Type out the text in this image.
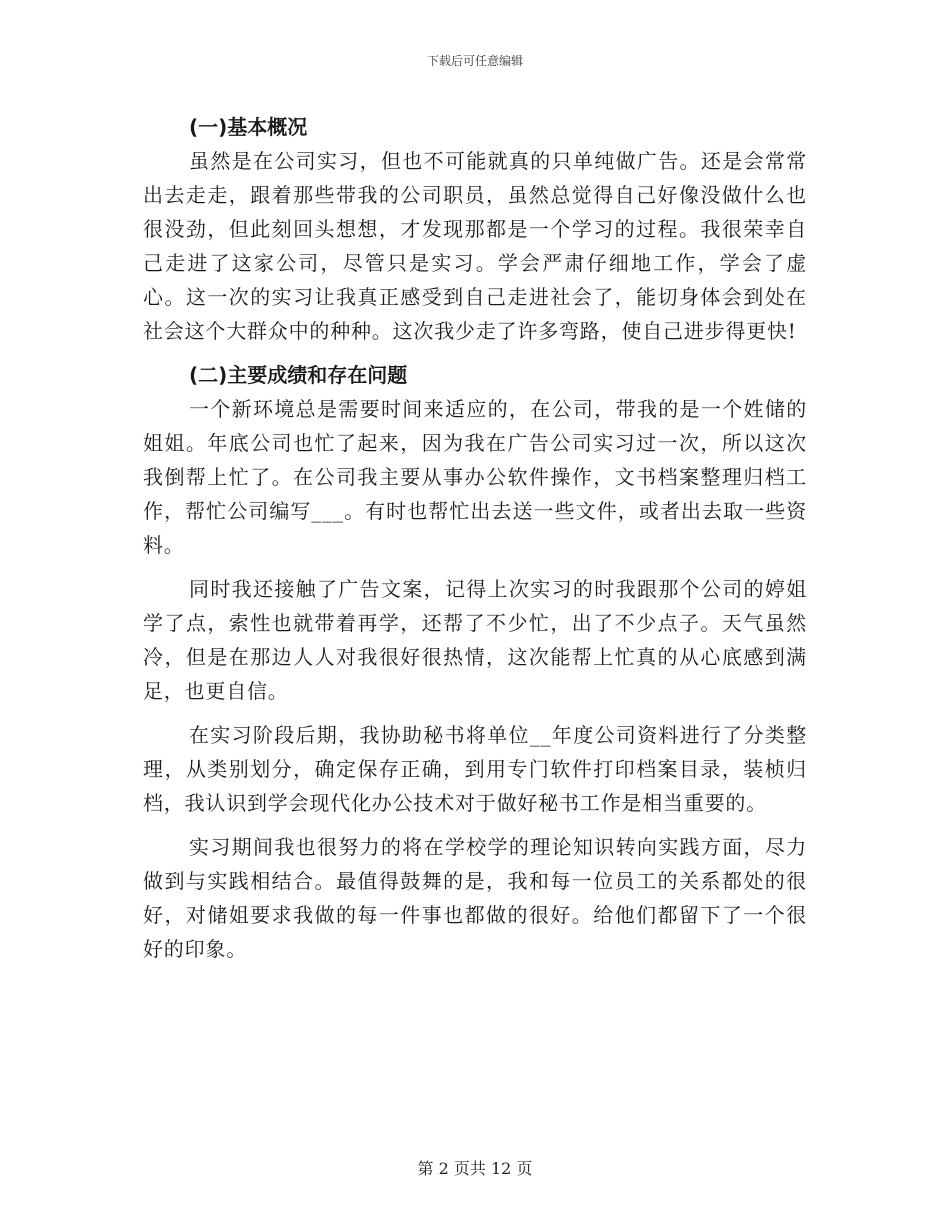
下载后可任意编辑

(一)基本概况

虽然是在公司实习，但也不可能就真的只单纯做广告。还是会常常出去走走，跟着那些带我的公司职员，虽然总觉得自己好像没做什么也很没劲，但此刻回头想想，才发现那都是一个学习的过程。我很荣幸自己走进了这家公司，尽管只是实习。学会严肃仔细地工作，学会了虚心。这一次的实习让我真正感受到自己走进社会了，能切身体会到处在社会这个大群众中的种种。这次我少走了许多弯路，使自己进步得更快!

(二)主要成绩和存在问题

一个新环境总是需要时间来适应的，在公司，带我的是一个姓储的姐姐。年底公司也忙了起来，因为我在广告公司实习过一次，所以这次我倒帮上忙了。在公司我主要从事办公软件操作，文书档案整理归档工作，帮忙公司编写___。有时也帮忙出去送一些文件，或者出去取一些资料。

同时我还接触了广告文案，记得上次实习的时我跟那个公司的婷姐学了点，索性也就带着再学，还帮了不少忙，出了不少点子。天气虽然冷，但是在那边人人对我很好很热情，这次能帮上忙真的从心底感到满足，也更自信。

在实习阶段后期，我协助秘书将单位__年度公司资料进行了分类整理，从类别划分，确定保存正确，到用专门软件打印档案目录，装桢归档，我认识到学会现代化办公技术对于做好秘书工作是相当重要的。

实习期间我也很努力的将在学校学的理论知识转向实践方面，尽力做到与实践相结合。最值得鼓舞的是，我和每一位员工的关系都处的很好，对储姐要求我做的每一件事也都做的很好。给他们都留下了一个很好的印象。

第 2 页共 12 页
